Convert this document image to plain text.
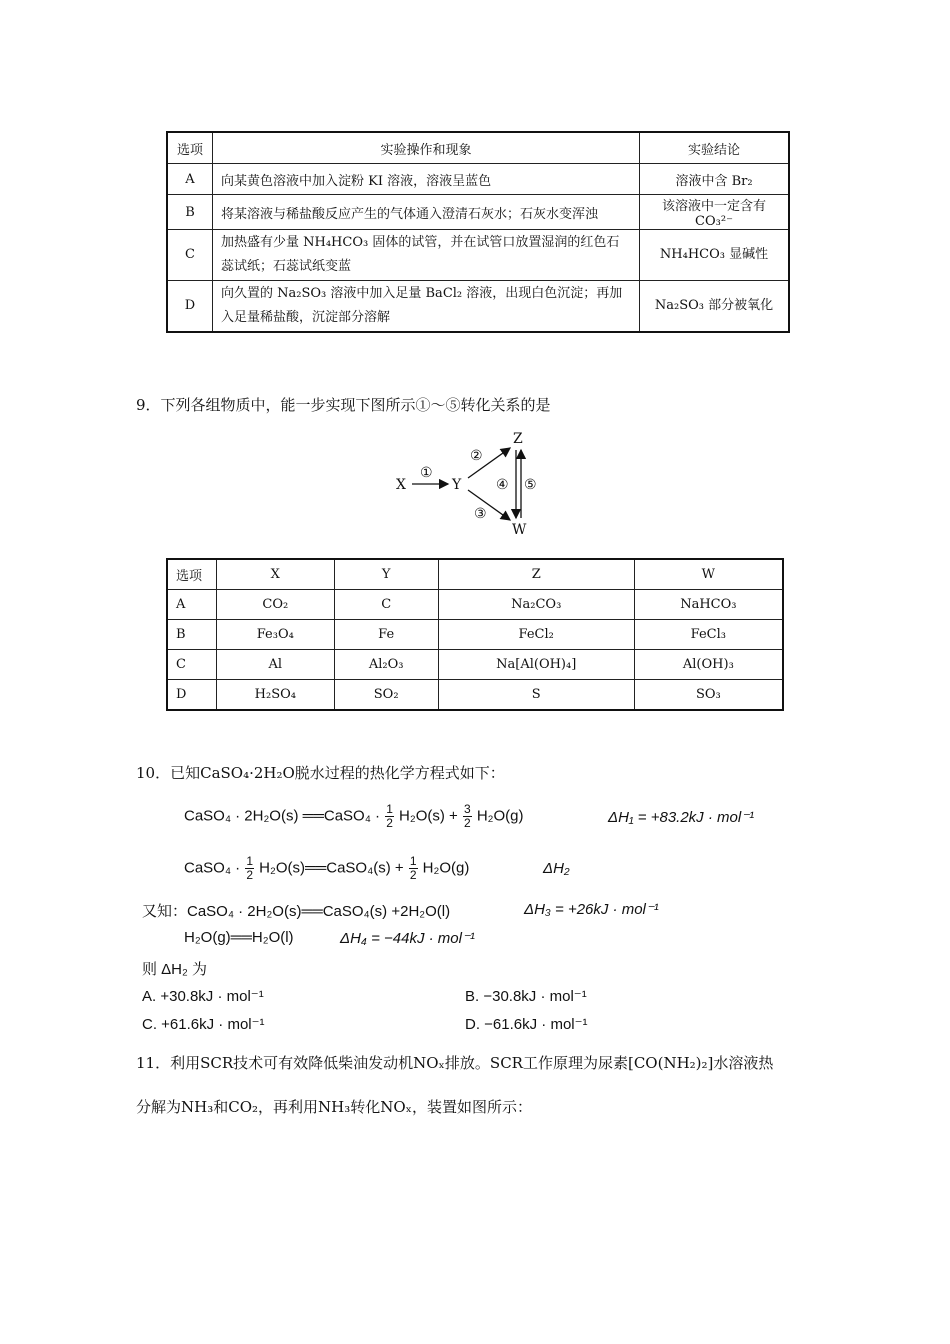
选项	实验操作和现象	实验结论
A	向某黄色溶液中加入淀粉 KI 溶液，溶液呈蓝色	溶液中含 Br₂
B	将某溶液与稀盐酸反应产生的气体通入澄清石灰水；石灰水变浑浊	该溶液中一定含有 CO₃²⁻
C	加热盛有少量 NH₄HCO₃ 固体的试管，并在试管口放置湿润的红色石蕊试纸；石蕊试纸变蓝	NH₄HCO₃ 显碱性
D	向久置的 Na₂SO₃ 溶液中加入足量 BaCl₂ 溶液，出现白色沉淀；再加入足量稀盐酸，沉淀部分溶解	Na₂SO₃ 部分被氧化
9．下列各组物质中，能一步实现下图所示①～⑤转化关系的是
X
①
Y
②
③
Z
W
④ ⑤
选项	X	Y	Z	W
A	CO₂	C	Na₂CO₃	NaHCO₃
B	Fe₃O₄	Fe	FeCl₂	FeCl₃
C	Al	Al₂O₃	Na[Al(OH)₄]	Al(OH)₃
D	H₂SO₄	SO₂	S	SO₃
10．已知CaSO₄·2H₂O脱水过程的热化学方程式如下：
CaSO₄ · 2H₂O(s) ══CaSO₄ · $\frac{1}{2} H_2O(s) + \frac{3}{2} H_2O(g)$	ΔH₁ = +83.2kJ · mol⁻¹
CaSO₄ · $\frac{1}{2}$ H₂O(s)══CaSO₄(s) + $\frac{1}{2} H_2O(g)$	ΔH₂
又知：CaSO₄ · 2H₂O(s)══CaSO₄(s) +2H₂O(l)	ΔH₃ = +26kJ · mol⁻¹
H₂O(g)══H₂O(l)	ΔH₄ = −44kJ · mol⁻¹
则 ΔH₂ 为
A. +30.8kJ · mol⁻¹	B. −30.8kJ · mol⁻¹
C. +61.6kJ · mol⁻¹	D. −61.6kJ · mol⁻¹
11．利用SCR技术可有效降低柴油发动机NOₓ排放。SCR工作原理为尿素[CO(NH₂)₂]水溶液热
分解为NH₃和CO₂，再利用NH₃转化NOₓ，装置如图所示：
